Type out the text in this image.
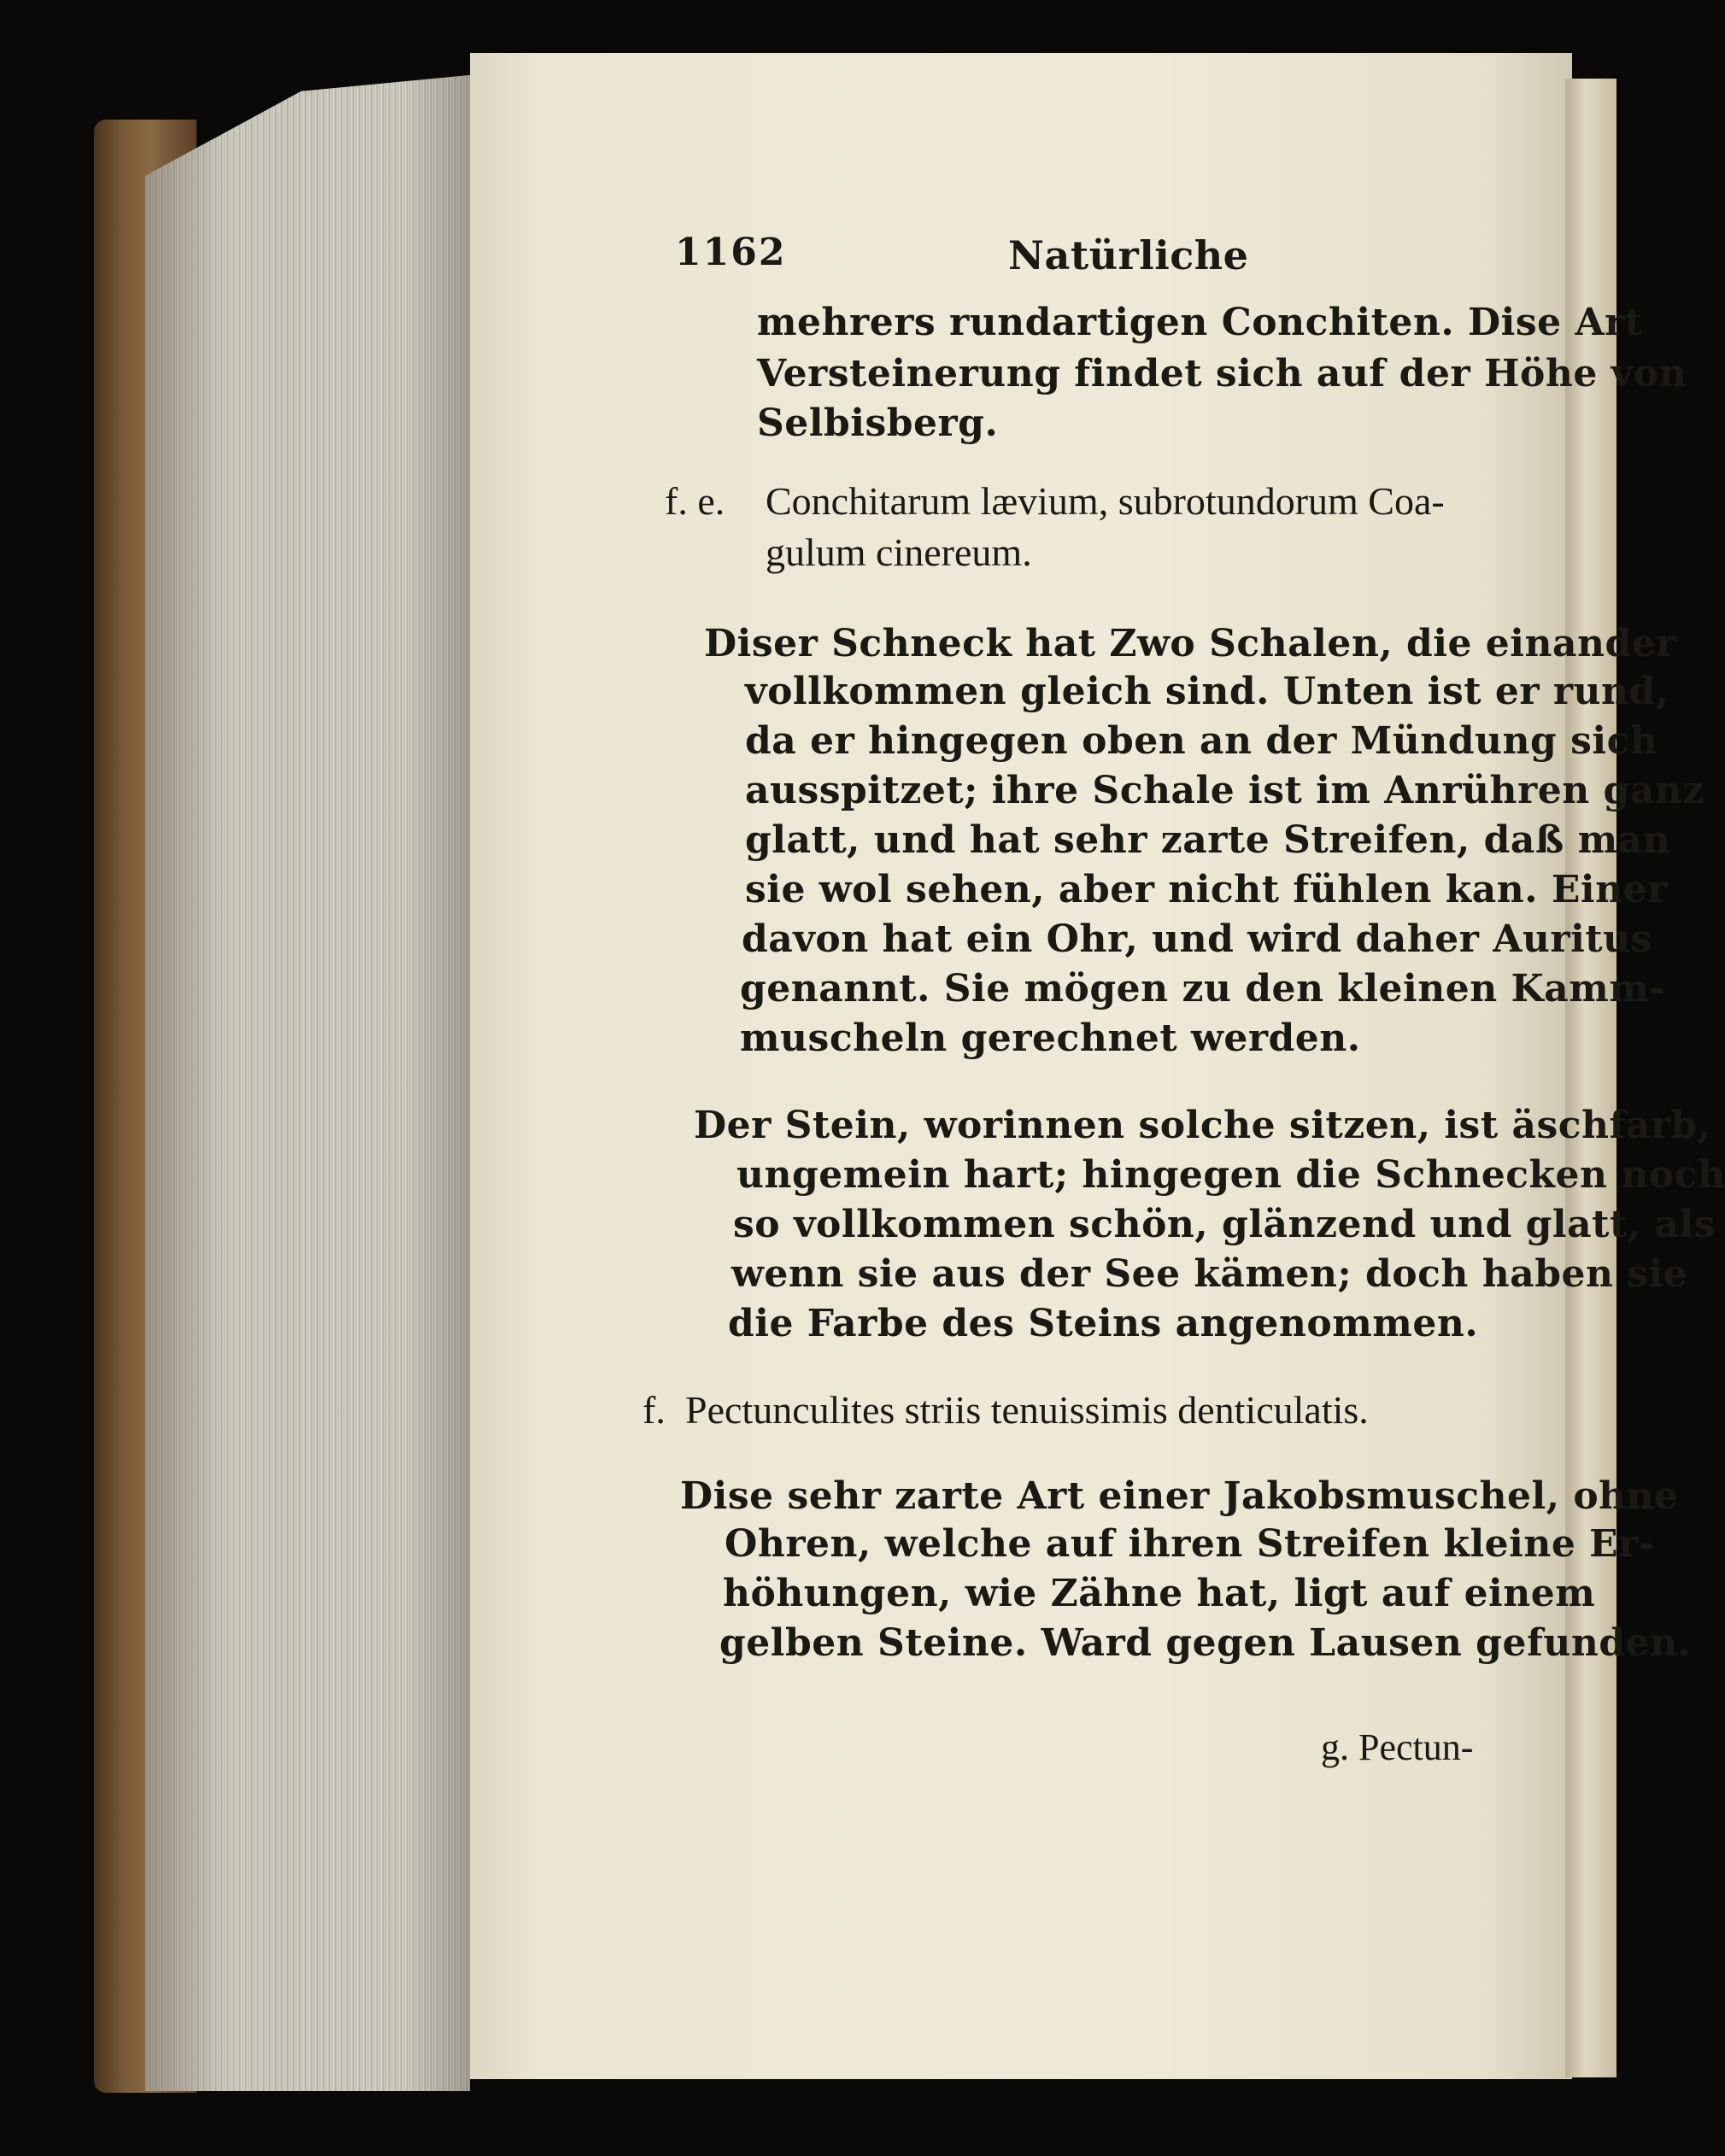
1162	Natürliche
mehrers rundartigen Conchiten. Dise Art
Versteinerung findet sich auf der Höhe von
Selbisberg.
f. e. Conchitarum lævium, subrotundorum Coa-
gulum cinereum.
Diser Schneck hat Zwo Schalen, die einander
vollkommen gleich sind. Unten ist er rund,
da er hingegen oben an der Mündung sich
ausspitzet; ihre Schale ist im Anrühren ganz
glatt, und hat sehr zarte Streifen, daß man
sie wol sehen, aber nicht fühlen kan. Einer
davon hat ein Ohr, und wird daher Auritus
genannt. Sie mögen zu den kleinen Kamm-
muscheln gerechnet werden.
Der Stein, worinnen solche sitzen, ist äschfarb,
ungemein hart; hingegen die Schnecken noch
so vollkommen schön, glänzend und glatt, als
wenn sie aus der See kämen; doch haben sie
die Farbe des Steins angenommen.
f. Pectunculites striis tenuissimis denticulatis.
Dise sehr zarte Art einer Jakobsmuschel, ohne
Ohren, welche auf ihren Streifen kleine Er-
höhungen, wie Zähne hat, ligt auf einem
gelben Steine. Ward gegen Lausen gefunden.
g. Pectun-
